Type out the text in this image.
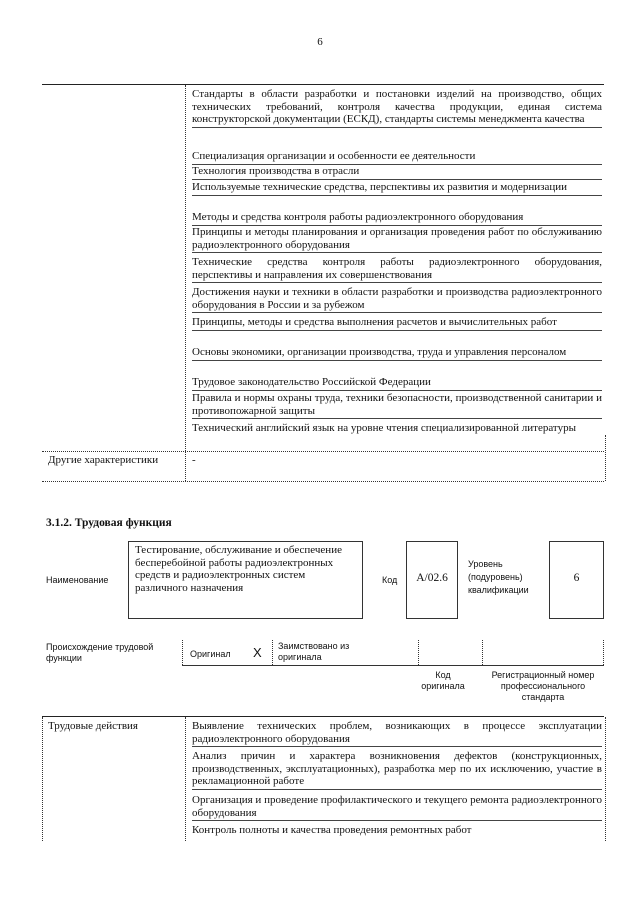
6
Стандарты в области разработки и постановки изделий на производство, общих технических требований, контроля качества продукции, единая система конструкторской документации (ЕСКД), стандарты системы менеджмента качества
Специализация организации и особенности ее деятельности
Технология производства в отрасли
Используемые технические средства, перспективы их развития и модернизации
Методы и средства контроля работы радиоэлектронного оборудования
Принципы и методы планирования и организация проведения работ по обслуживанию радиоэлектронного оборудования
Технические средства контроля работы радиоэлектронного оборудования, перспективы и направления их совершенствования
Достижения науки и техники в области разработки и производства радиоэлектронного оборудования в России и за рубежом
Принципы, методы и средства выполнения расчетов и вычислительных работ
Основы экономики, организации производства, труда и управления персоналом
Трудовое законодательство Российской Федерации
Правила и нормы охраны труда, техники безопасности, производственной санитарии и противопожарной защиты
Технический английский язык на уровне чтения специализированной литературы
Другие характеристики	-
3.1.2. Трудовая функция
Наименование
Тестирование, обслуживание и обеспечение бесперебойной работы радиоэлектронных средств и радиоэлектронных систем различного назначения
Код	A/02.6
Уровень (подуровень) квалификации
6
Происхождение трудовой функции	Оригинал X Заимствовано из оригинала
Код оригинала
Регистрационный номер профессионального стандарта
Трудовые действия	Выявление технических проблем, возникающих в процессе эксплуатации радиоэлектронного оборудования
Анализ причин и характера возникновения дефектов (конструкционных, производственных, эксплуатационных), разработка мер по их исключению, участие в рекламационной работе
Организация и проведение профилактического и текущего ремонта радиоэлектронного оборудования
Контроль полноты и качества проведения ремонтных работ
